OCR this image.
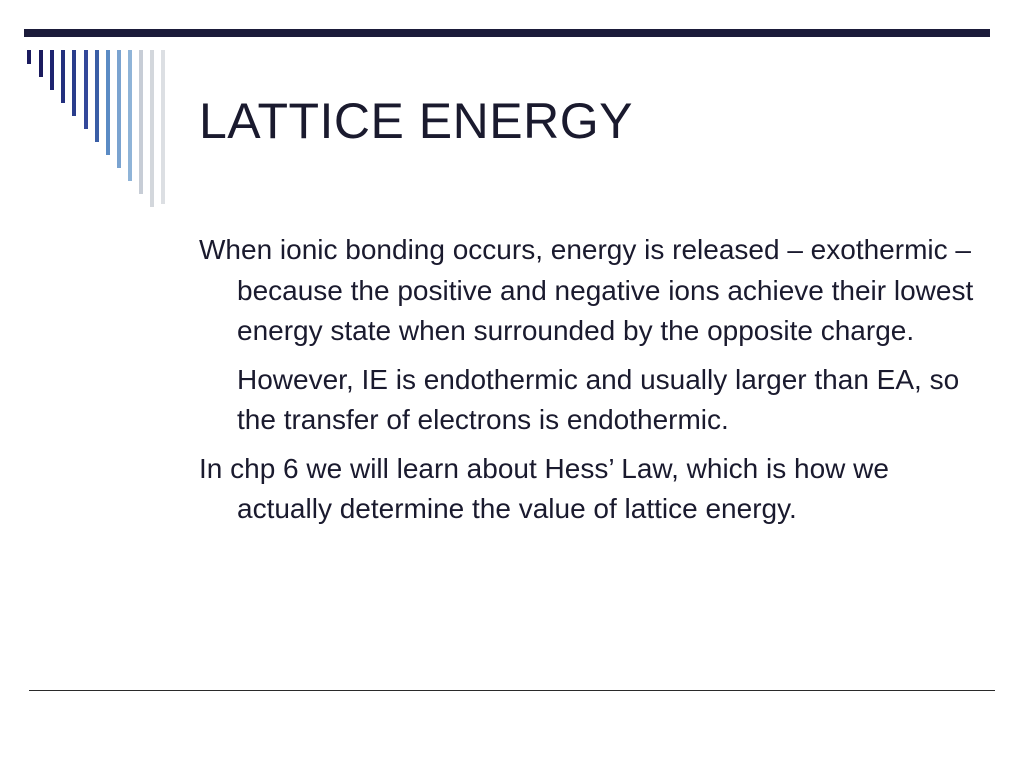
LATTICE ENERGY

When ionic bonding occurs, energy is released – exothermic – because the positive and negative ions achieve their lowest energy state when surrounded by the opposite charge.

However, IE is endothermic and usually larger than EA, so the transfer of electrons is endothermic.

In chp 6 we will learn about Hess’ Law, which is how we actually determine the value of lattice energy.
